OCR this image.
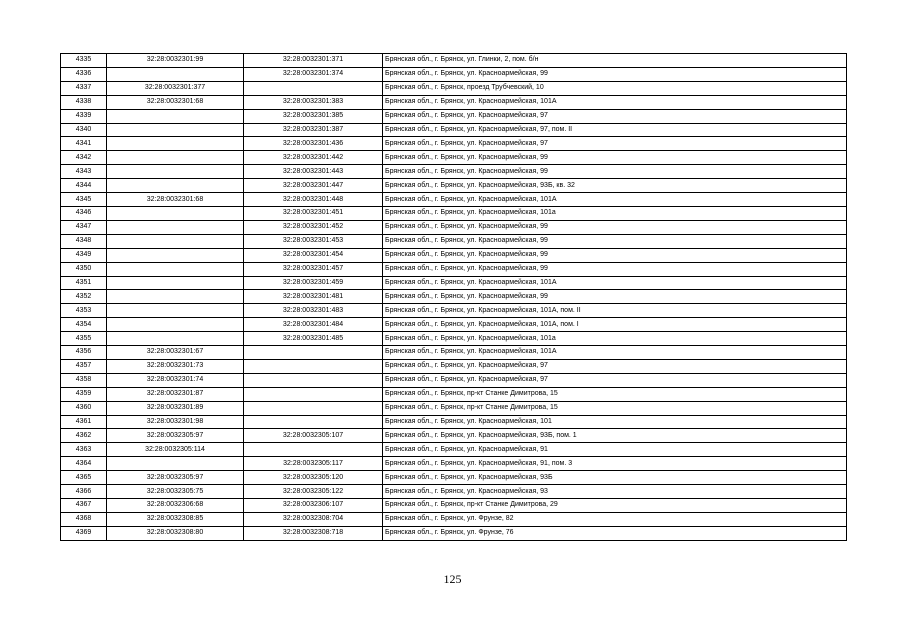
4335	32:28:0032301:99	32:28:0032301:371	Брянская обл., г. Брянск, ул. Глинки, 2, пом. б/н
4336		32:28:0032301:374	Брянская обл., г. Брянск, ул. Красноармейская, 99
4337	32:28:0032301:377		Брянская обл., г. Брянск, проезд Трубчевский, 10
4338	32:28:0032301:68	32:28:0032301:383	Брянская обл., г. Брянск, ул. Красноармейская, 101А
4339		32:28:0032301:385	Брянская обл., г. Брянск, ул. Красноармейская, 97
4340		32:28:0032301:387	Брянская обл., г. Брянск, ул. Красноармейская, 97, пом. II
4341		32:28:0032301:436	Брянская обл., г. Брянск, ул. Красноармейская, 97
4342		32:28:0032301:442	Брянская обл., г. Брянск, ул. Красноармейская, 99
4343		32:28:0032301:443	Брянская обл., г. Брянск, ул. Красноармейская, 99
4344		32:28:0032301:447	Брянская обл., г. Брянск, ул. Красноармейская, 93Б, кв. 32
4345	32:28:0032301:68	32:28:0032301:448	Брянская обл., г. Брянск, ул. Красноармейская, 101А
4346		32:28:0032301:451	Брянская обл., г. Брянск, ул. Красноармейская, 101а
4347		32:28:0032301:452	Брянская обл., г. Брянск, ул. Красноармейская, 99
4348		32:28:0032301:453	Брянская обл., г. Брянск, ул. Красноармейская, 99
4349		32:28:0032301:454	Брянская обл., г. Брянск, ул. Красноармейская, 99
4350		32:28:0032301:457	Брянская обл., г. Брянск, ул. Красноармейская, 99
4351		32:28:0032301:459	Брянская обл., г. Брянск, ул. Красноармейская, 101А
4352		32:28:0032301:481	Брянская обл., г. Брянск, ул. Красноармейская, 99
4353		32:28:0032301:483	Брянская обл., г. Брянск, ул. Красноармейская, 101А, пом. II
4354		32:28:0032301:484	Брянская обл., г. Брянск, ул. Красноармейская, 101А, пом. I
4355		32:28:0032301:485	Брянская обл., г. Брянск, ул. Красноармейская, 101а
4356	32:28:0032301:67		Брянская обл., г. Брянск, ул. Красноармейская, 101А
4357	32:28:0032301:73		Брянская обл., г. Брянск, ул. Красноармейская, 97
4358	32:28:0032301:74		Брянская обл., г. Брянск, ул. Красноармейская, 97
4359	32:28:0032301:87		Брянская обл., г. Брянск, пр-кт Станке Димитрова, 15
4360	32:28:0032301:89		Брянская обл., г. Брянск, пр-кт Станке Димитрова, 15
4361	32:28:0032301:98		Брянская обл., г. Брянск, ул. Красноармейская, 101
4362	32:28:0032305:97	32:28:0032305:107	Брянская обл., г. Брянск, ул. Красноармейская, 93Б, пом. 1
4363	32:28:0032305:114		Брянская обл., г. Брянск, ул. Красноармейская, 91
4364		32:28:0032305:117	Брянская обл., г. Брянск, ул. Красноармейская, 91, пом. 3
4365	32:28:0032305:97	32:28:0032305:120	Брянская обл., г. Брянск, ул. Красноармейская, 93Б
4366	32:28:0032305:75	32:28:0032305:122	Брянская обл., г. Брянск, ул. Красноармейская, 93
4367	32:28:0032306:68	32:28:0032306:107	Брянская обл., г. Брянск, пр-кт Станке Димитрова, 29
4368	32:28:0032308:85	32:28:0032308:704	Брянская обл., г. Брянск, ул. Фрунзе, 82
4369	32:28:0032308:80	32:28:0032308:718	Брянская обл., г. Брянск, ул. Фрунзе, 76
125
